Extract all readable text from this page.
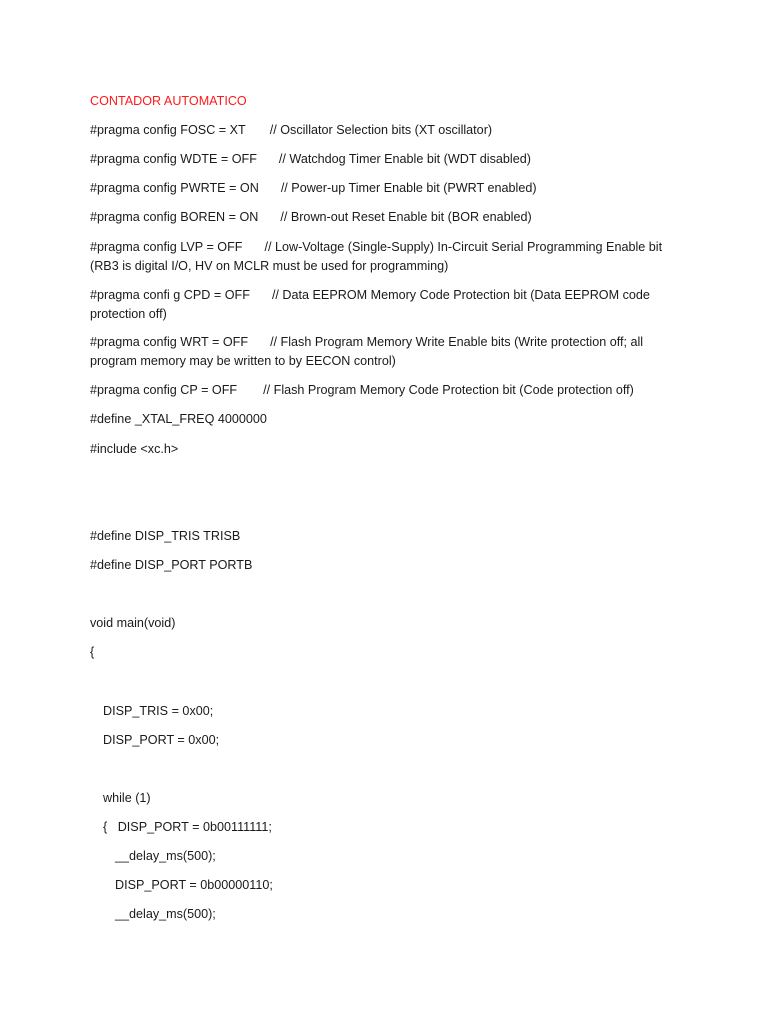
CONTADOR AUTOMATICO
#pragma config FOSC = XT // Oscillator Selection bits (XT oscillator)
#pragma config WDTE = OFF // Watchdog Timer Enable bit (WDT disabled)
#pragma config PWRTE = ON // Power-up Timer Enable bit (PWRT enabled)
#pragma config BOREN = ON // Brown-out Reset Enable bit (BOR enabled)
#pragma config LVP = OFF // Low-Voltage (Single-Supply) In-Circuit Serial Programming Enable bit
(RB3 is digital I/O, HV on MCLR must be used for programming)
#pragma confi g CPD = OFF // Data EEPROM Memory Code Protection bit (Data EEPROM code
protection off)
#pragma config WRT = OFF // Flash Program Memory Write Enable bits (Write protection off; all
program memory may be written to by EECON control)
#pragma config CP = OFF // Flash Program Memory Code Protection bit (Code protection off)
#define _XTAL_FREQ 4000000
#include <xc.h>
#define DISP_TRIS TRISB
#define DISP_PORT PORTB
void main(void)
{
DISP_TRIS = 0x00;
DISP_PORT = 0x00;
while (1)
{   DISP_PORT = 0b00111111;
__delay_ms(500);
DISP_PORT = 0b00000110;
__delay_ms(500);
